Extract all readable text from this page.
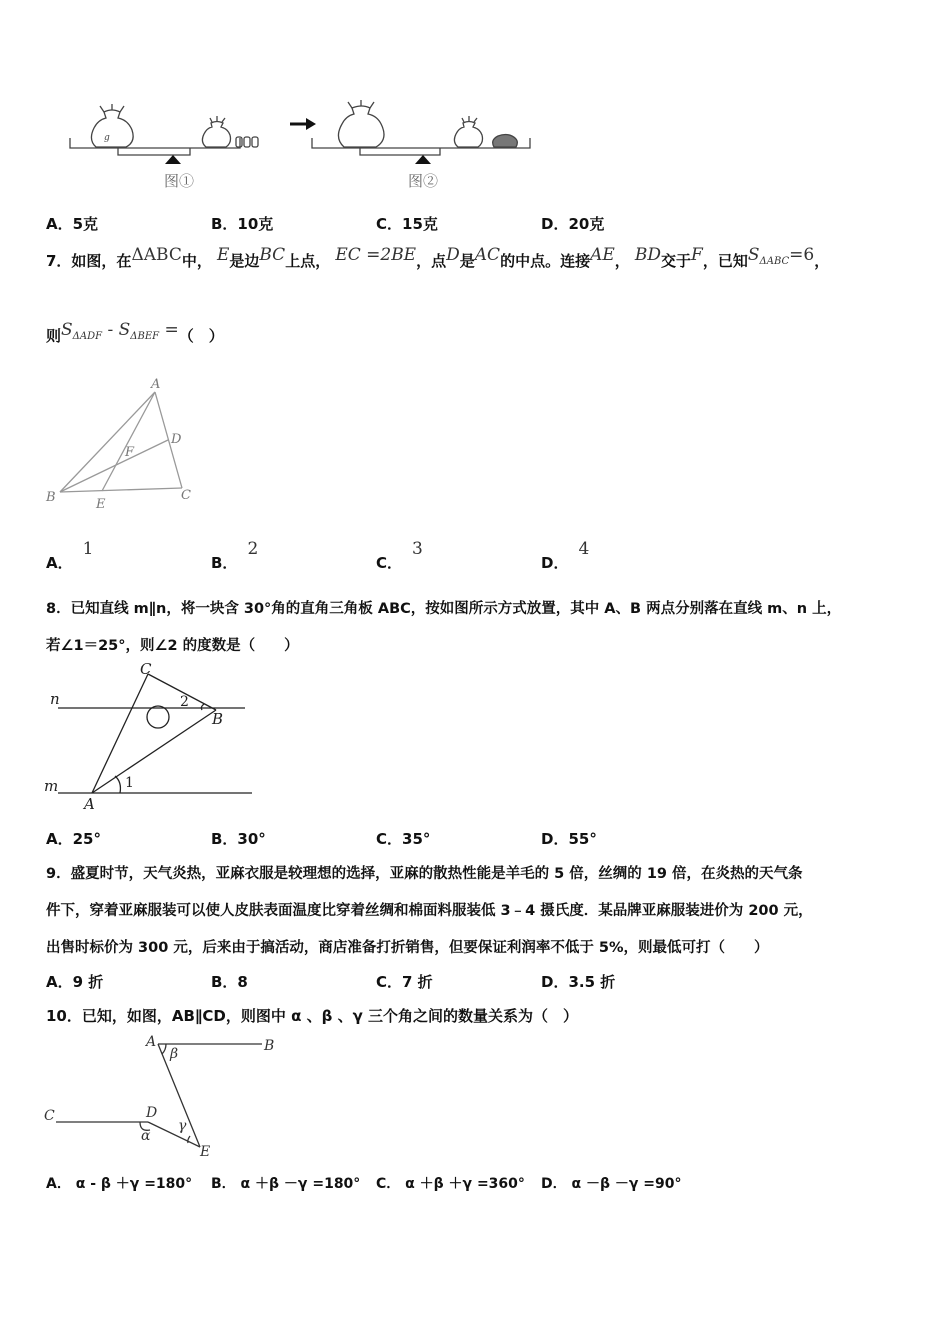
g
图①	图②
A．5克	B．10克	C．15克	D．20克
7．如图，在ΔABC中， E是边BC上点， EC =2BE，点D是AC的中点。连接AE， BD交于F，已知SΔABC=6，
则SΔADF - SΔBEF =（　）
A
D
F
B	E
C
A．1
B．2
C．3
D．4
8．已知直线 m∥n，将一块含 30°角的直角三角板 ABC，按如图所示方式放置，其中 A、B 两点分别落在直线 m、n 上，
若∠1＝25°，则∠2 的度数是（　　）
n
m
C
B
A
1
2
A．25°	B．30°	C．35°	D．55°
9．盛夏时节，天气炎热，亚麻衣服是较理想的选择，亚麻的散热性能是羊毛的 5 倍，丝绸的 19 倍，在炎热的天气条
件下，穿着亚麻服装可以使人皮肤表面温度比穿着丝绸和棉面料服装低 3﹣4 摄氏度．某品牌亚麻服装进价为 200 元，
出售时标价为 300 元，后来由于搞活动，商店准备打折销售，但要保证利润率不低于 5%，则最低可打（　　）
A．9 折	B．8	C．7 折	D．3.5 折
10．已知，如图，AB∥CD，则图中 α 、β 、γ 三个角之间的数量关系为（　）
A	B
C	D
E
β
γ
α
A． α - β ＋γ =180° B． α ＋β －γ =180° C． α ＋β ＋γ =360° D． α －β －γ =90°
